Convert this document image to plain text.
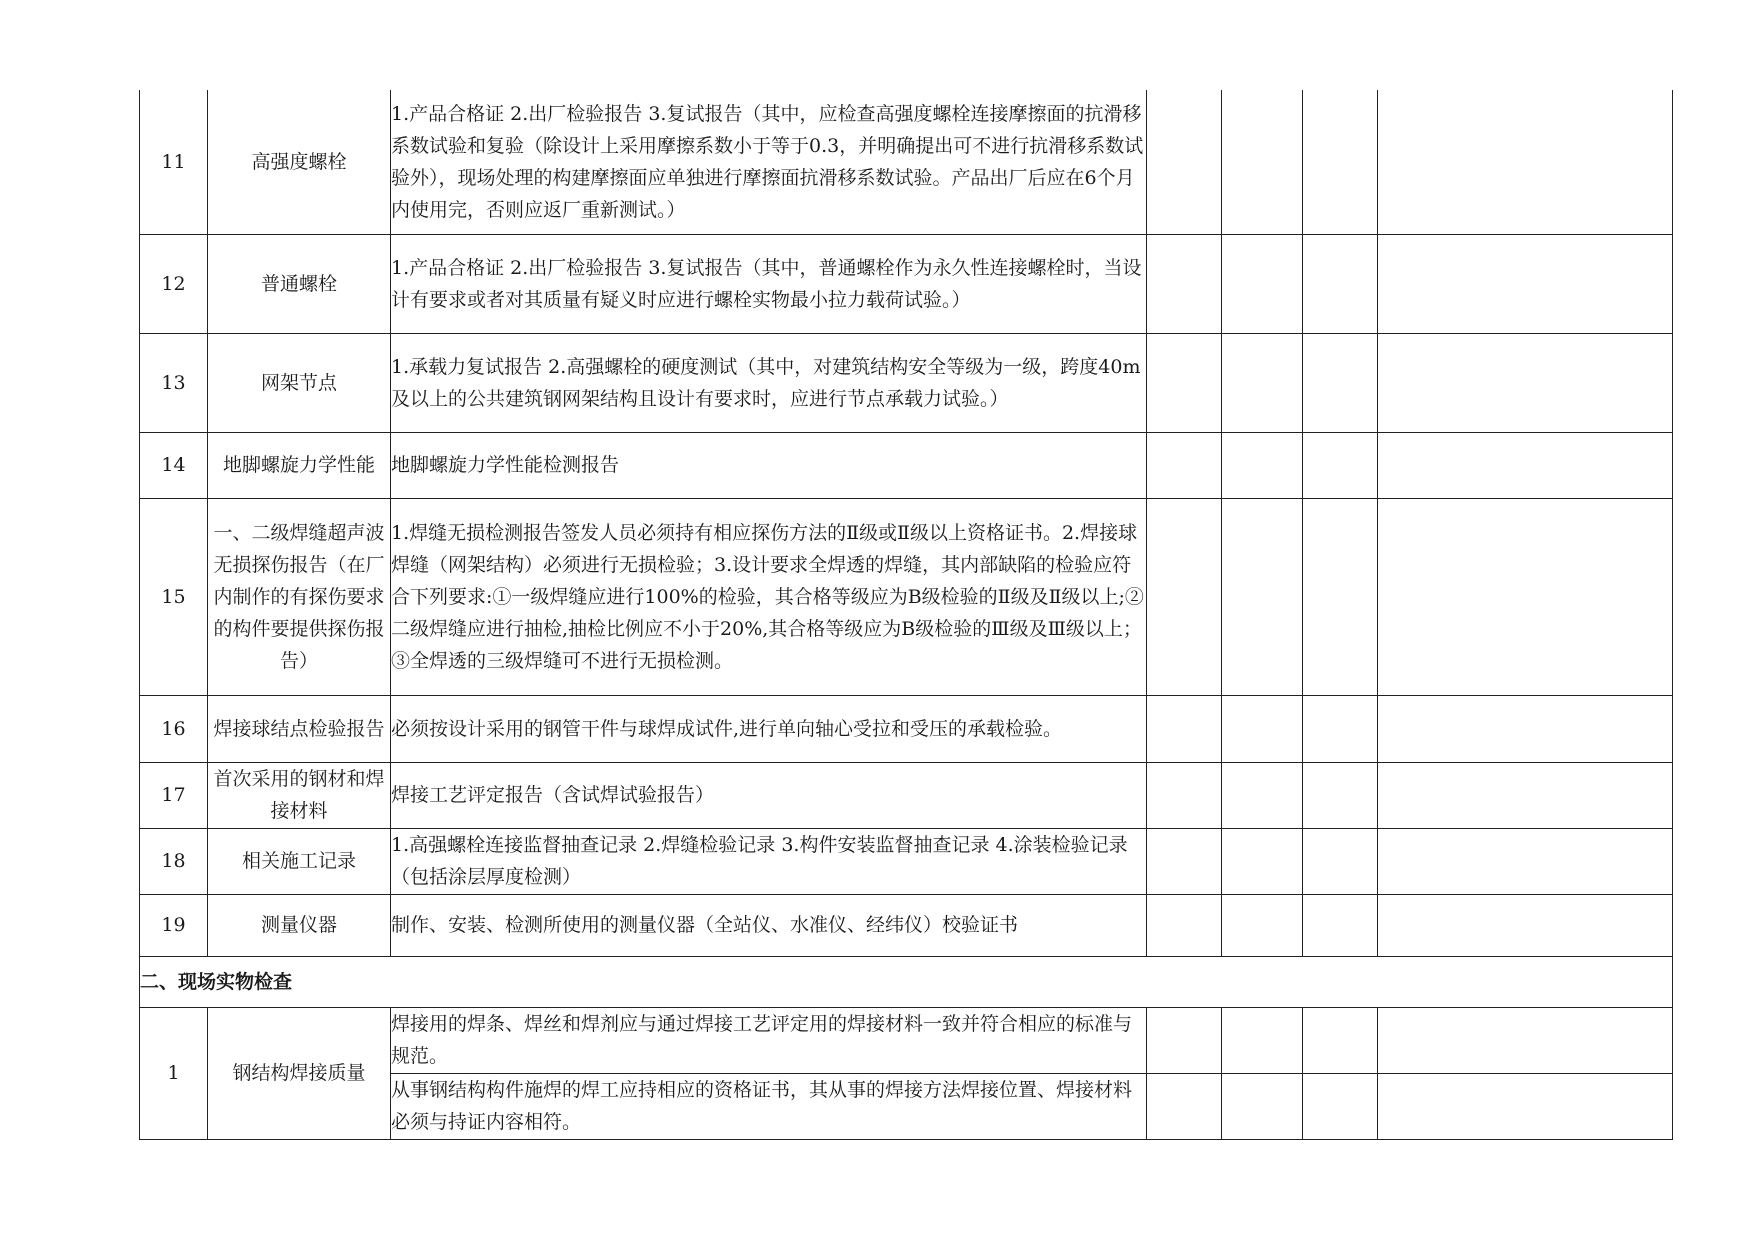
11	高强度螺栓	1.产品合格证 2.出厂检验报告 3.复试报告（其中，应检查高强度螺栓连接摩擦面的抗滑移系数试验和复验（除设计上采用摩擦系数小于等于0.3，并明确提出可不进行抗滑移系数试验外），现场处理的构建摩擦面应单独进行摩擦面抗滑移系数试验。产品出厂后应在6个月内使用完，否则应返厂重新测试。）				
12	普通螺栓	1.产品合格证 2.出厂检验报告 3.复试报告（其中，普通螺栓作为永久性连接螺栓时，当设计有要求或者对其质量有疑义时应进行螺栓实物最小拉力载荷试验。）				
13	网架节点	1.承载力复试报告 2.高强螺栓的硬度测试（其中，对建筑结构安全等级为一级，跨度40m及以上的公共建筑钢网架结构且设计有要求时，应进行节点承载力试验。）				
14	地脚螺旋力学性能	地脚螺旋力学性能检测报告				
15	一、二级焊缝超声波无损探伤报告（在厂内制作的有探伤要求的构件要提供探伤报告）	1.焊缝无损检测报告签发人员必须持有相应探伤方法的Ⅱ级或Ⅱ级以上资格证书。2.焊接球焊缝（网架结构）必须进行无损检验；3.设计要求全焊透的焊缝，其内部缺陷的检验应符合下列要求:①一级焊缝应进行100%的检验，其合格等级应为B级检验的Ⅱ级及Ⅱ级以上;②二级焊缝应进行抽检,抽检比例应不小于20%,其合格等级应为B级检验的Ⅲ级及Ⅲ级以上；③全焊透的三级焊缝可不进行无损检测。				
16	焊接球结点检验报告	必须按设计采用的钢管干件与球焊成试件,进行单向轴心受拉和受压的承载检验。				
17	首次采用的钢材和焊接材料	焊接工艺评定报告（含试焊试验报告）				
18	相关施工记录	1.高强螺栓连接监督抽查记录 2.焊缝检验记录 3.构件安装监督抽查记录 4.涂装检验记录（包括涂层厚度检测）				
19	测量仪器	制作、安装、检测所使用的测量仪器（全站仪、水准仪、经纬仪）校验证书				
二、现场实物检查						
1	钢结构焊接质量	焊接用的焊条、焊丝和焊剂应与通过焊接工艺评定用的焊接材料一致并符合相应的标准与规范。				
		从事钢结构构件施焊的焊工应持相应的资格证书，其从事的焊接方法焊接位置、焊接材料必须与持证内容相符。				
